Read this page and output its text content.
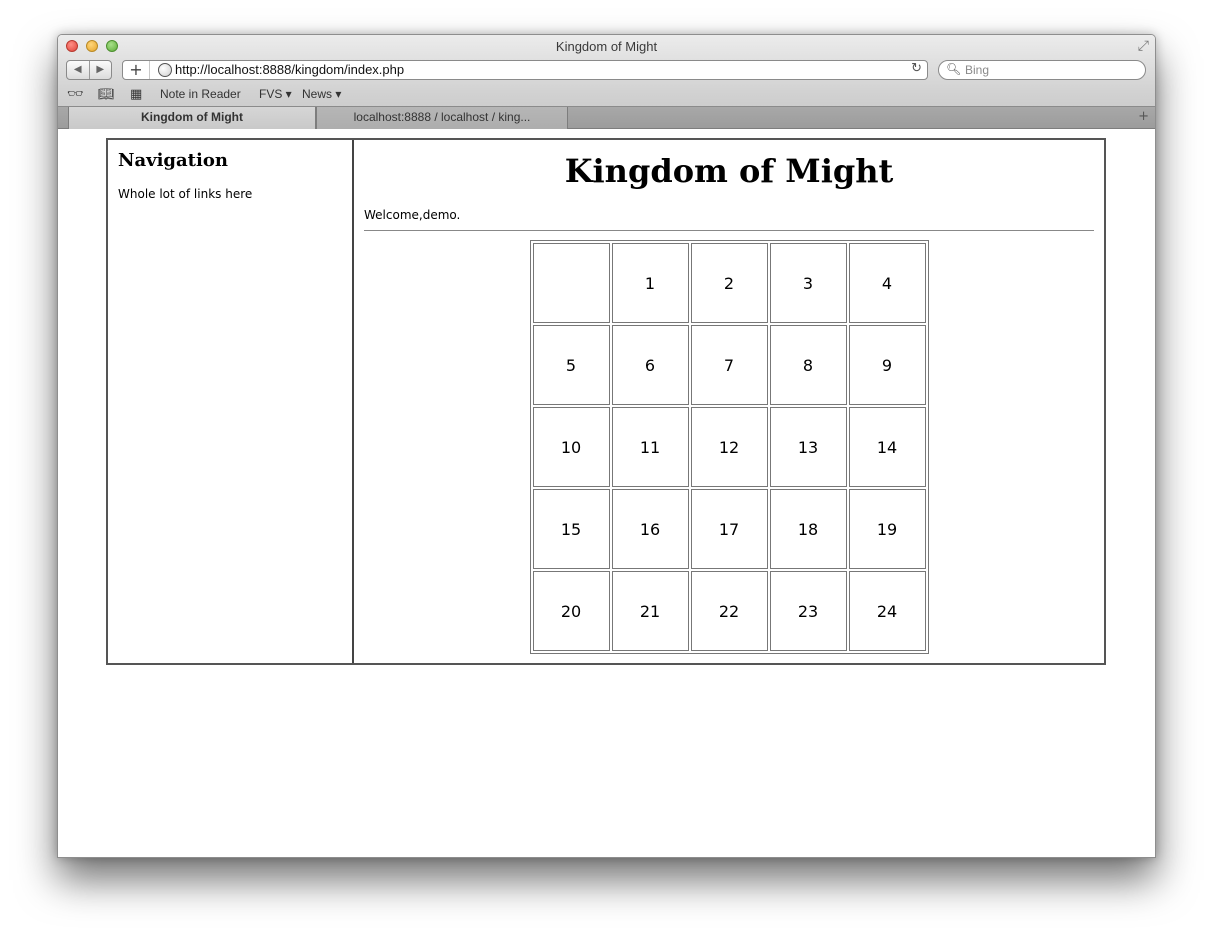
Kingdom of Might	⤢
◀	▶	+	http://localhost:8888/kingdom/index.php	↻ 🔍︎
Bing
👓︎ 📖︎ ▦ Note in Reader FVS ▾ News ▾
Kingdom of Might	localhost:8888 / localhost / king...	+
Navigation
Whole lot of links here
Kingdom of Might
Welcome,demo.
	1	2	3	4
5	6	7	8	9
10	11	12	13	14
15	16	17	18	19
20	21	22	23	24
